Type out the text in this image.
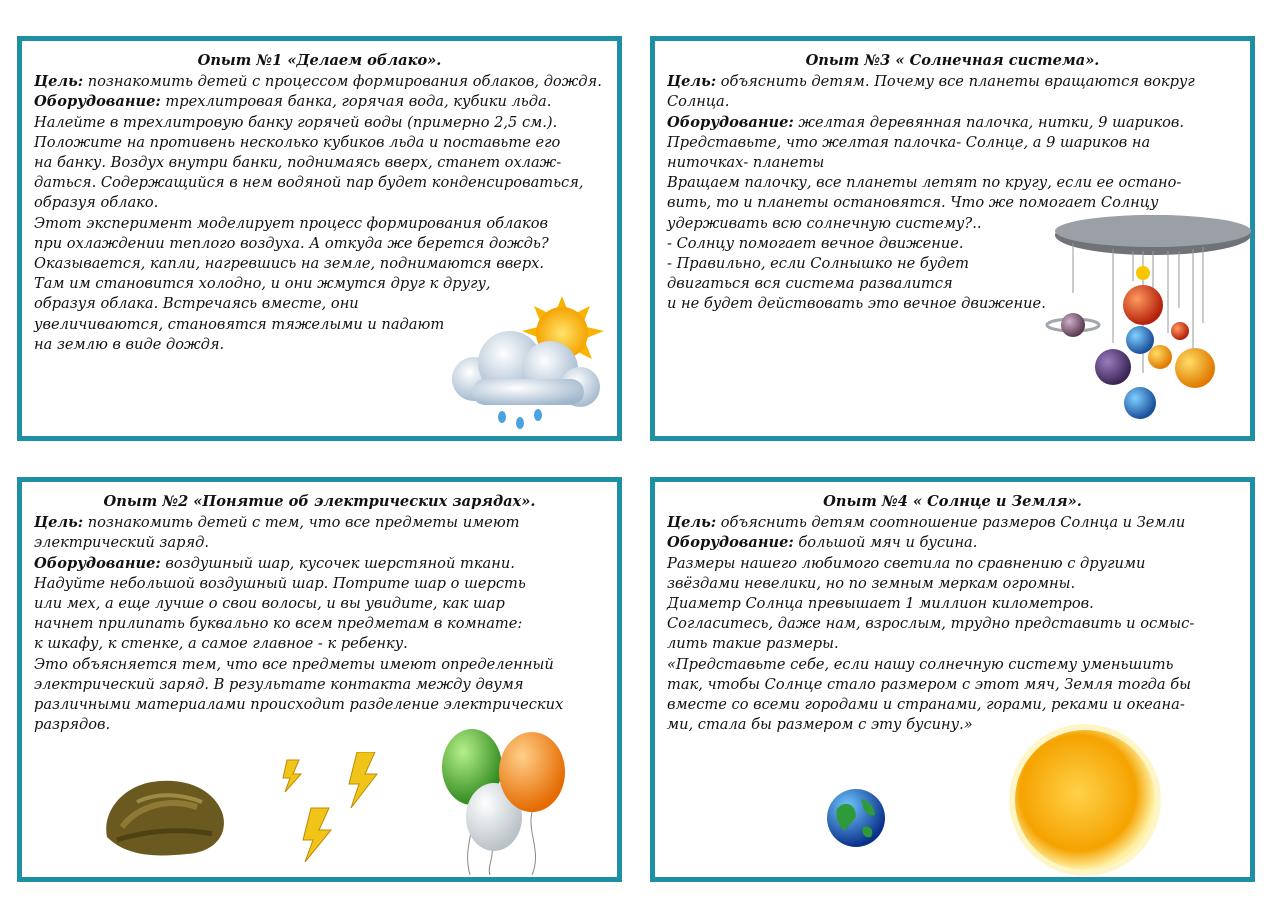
Опыт №1 «Делаем облако».

Цель: познакомить детей с процессом формирования облаков, дождя.

Оборудование: трехлитровая банка, горячая вода, кубики льда.

Налейте в трехлитровую банку горячей воды (примерно 2,5 см.).

Положите на противень несколько кубиков льда и поставьте его

на банку. Воздух внутри банки, поднимаясь вверх, станет охлаж-

даться. Содержащийся в нем водяной пар будет конденсироваться,

образуя облако.

Этот эксперимент моделирует процесс формирования облаков

при охлаждении теплого воздуха. А откуда же берется дождь?

Оказывается, капли, нагревшись на земле, поднимаются вверх.

Там им становится холодно, и они жмутся друг к другу,

образуя облака. Встречаясь вместе, они

увеличиваются, становятся тяжелыми и падают

на землю в виде дождя.

Опыт №3 « Солнечная система».

Цель: объяснить детям. Почему все планеты вращаются вокруг Солнца.

Оборудование: желтая деревянная палочка, нитки, 9 шариков.

Представьте, что желтая палочка- Солнце, а 9 шариков на

ниточках- планеты

Вращаем палочку, все планеты летят по кругу, если ее остано-

вить, то и планеты остановятся. Что же помогает Солнцу

удерживать всю солнечную систему?..

- Солнцу помогает вечное движение.

- Правильно, если Солнышко не будет

двигаться вся система развалится

и не будет действовать это вечное движение.

Опыт №2 «Понятие об электрических зарядах».

Цель: познакомить детей с тем, что все предметы имеют электрический заряд.

Оборудование: воздушный шар, кусочек шерстяной ткани.

Надуйте небольшой воздушный шар. Потрите шар о шерсть

или мех, а еще лучше о свои волосы, и вы увидите, как шар

начнет прилипать буквально ко всем предметам в комнате:

к шкафу, к стенке, а самое главное - к ребенку.

Это объясняется тем, что все предметы имеют определенный

электрический заряд. В результате контакта между двумя

различными материалами происходит разделение электрических

разрядов.

Опыт №4 « Солнце и Земля».

Цель: объяснить детям соотношение размеров Солнца и Земли

Оборудование: большой мяч и бусина.

Размеры нашего любимого светила по сравнению с другими

звёздами невелики, но по земным меркам огромны.

Диаметр Солнца превышает 1 миллион километров.

Согласитесь, даже нам, взрослым, трудно представить и осмыс-

лить такие размеры.

«Представьте себе, если нашу солнечную систему уменьшить

так, чтобы Солнце стало размером с этот мяч, Земля тогда бы

вместе со всеми городами и странами, горами, реками и океана-

ми, стала бы размером с эту бусину.»
